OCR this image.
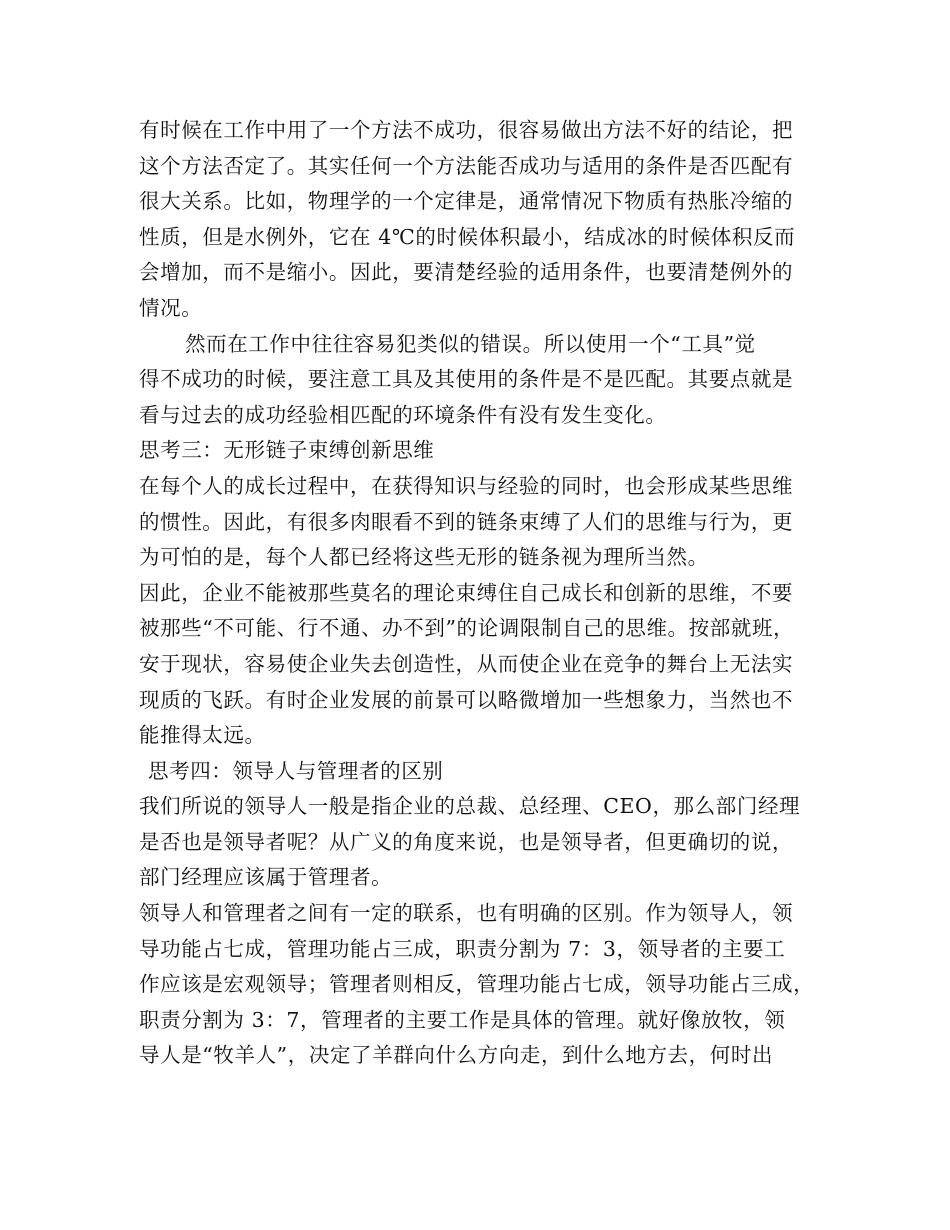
有时候在工作中用了一个方法不成功，很容易做出方法不好的结论，把
这个方法否定了。其实任何一个方法能否成功与适用的条件是否匹配有
很大关系。比如，物理学的一个定律是，通常情况下物质有热胀冷缩的
性质，但是水例外，它在 4℃的时候体积最小，结成冰的时候体积反而
会增加，而不是缩小。因此，要清楚经验的适用条件，也要清楚例外的
情况。
然而在工作中往往容易犯类似的错误。所以使用一个“工具”觉
得不成功的时候，要注意工具及其使用的条件是不是匹配。其要点就是
看与过去的成功经验相匹配的环境条件有没有发生变化。
思考三：无形链子束缚创新思维
在每个人的成长过程中，在获得知识与经验的同时，也会形成某些思维
的惯性。因此，有很多肉眼看不到的链条束缚了人们的思维与行为，更
为可怕的是，每个人都已经将这些无形的链条视为理所当然。
因此，企业不能被那些莫名的理论束缚住自己成长和创新的思维，不要
被那些“不可能、行不通、办不到”的论调限制自己的思维。按部就班，
安于现状，容易使企业失去创造性，从而使企业在竞争的舞台上无法实
现质的飞跃。有时企业发展的前景可以略微增加一些想象力，当然也不
能推得太远。
思考四：领导人与管理者的区别
我们所说的领导人一般是指企业的总裁、总经理、CEO，那么部门经理
是否也是领导者呢？从广义的角度来说，也是领导者，但更确切的说，
部门经理应该属于管理者。
领导人和管理者之间有一定的联系，也有明确的区别。作为领导人，领
导功能占七成，管理功能占三成，职责分割为 7：3，领导者的主要工
作应该是宏观领导；管理者则相反，管理功能占七成，领导功能占三成，
职责分割为 3：7，管理者的主要工作是具体的管理。就好像放牧，领
导人是“牧羊人”，决定了羊群向什么方向走，到什么地方去，何时出
